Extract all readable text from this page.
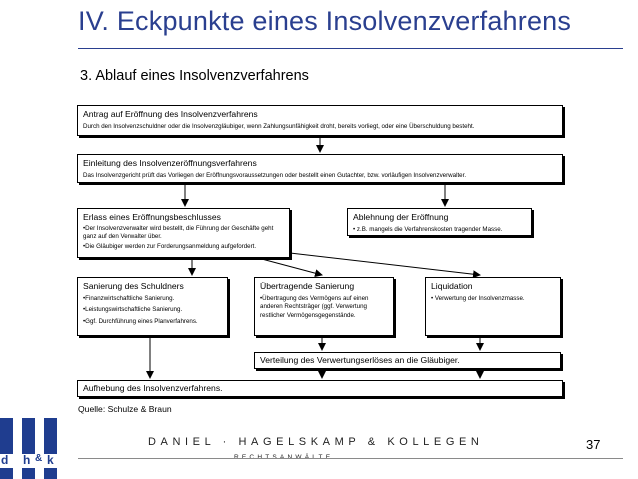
IV. Eckpunkte eines Insolvenzverfahrens
3. Ablauf eines Insolvenzverfahrens
Antrag auf Eröffnung des Insolvenzverfahrens
Durch den Insolvenzschuldner oder die Insolvenzgläubiger, wenn Zahlungsunfähigkeit droht, bereits vorliegt, oder eine Überschuldung besteht.
Einleitung des Insolvenzeröffnungsverfahrens
Das Insolvenzgericht prüft das Vorliegen der Eröffnungsvoraussetzungen oder bestellt einen Gutachter, bzw. vorläufigen Insolvenzverwalter.
Erlass eines Eröffnungsbeschlusses
•Der Insolvenzverwalter wird bestellt, die Führung der Geschäfte geht ganz auf den Verwalter über.
•Die Gläubiger werden zur Forderungsanmeldung aufgefordert.
Ablehnung der Eröffnung
• z.B. mangels die Verfahrenskosten tragender Masse.
Sanierung des Schuldners
•Finanzwirtschaftliche Sanierung.
•Leistungswirtschaftliche Sanierung.
•Ggf. Durchführung eines Planverfahrens.
Übertragende Sanierung
•Übertragung des Vermögens auf einen anderen Rechtsträger (ggf. Verwertung restlicher Vermögensgegenstände.
Liquidation
• Verwertung der Insolvenzmasse.
Verteilung des Verwertungserlöses an die Gläubiger.
Aufhebung des Insolvenzverfahrens.
Quelle: Schulze & Braun
d h & k
DANIEL · HAGELSKAMP & KOLLEGEN	37
